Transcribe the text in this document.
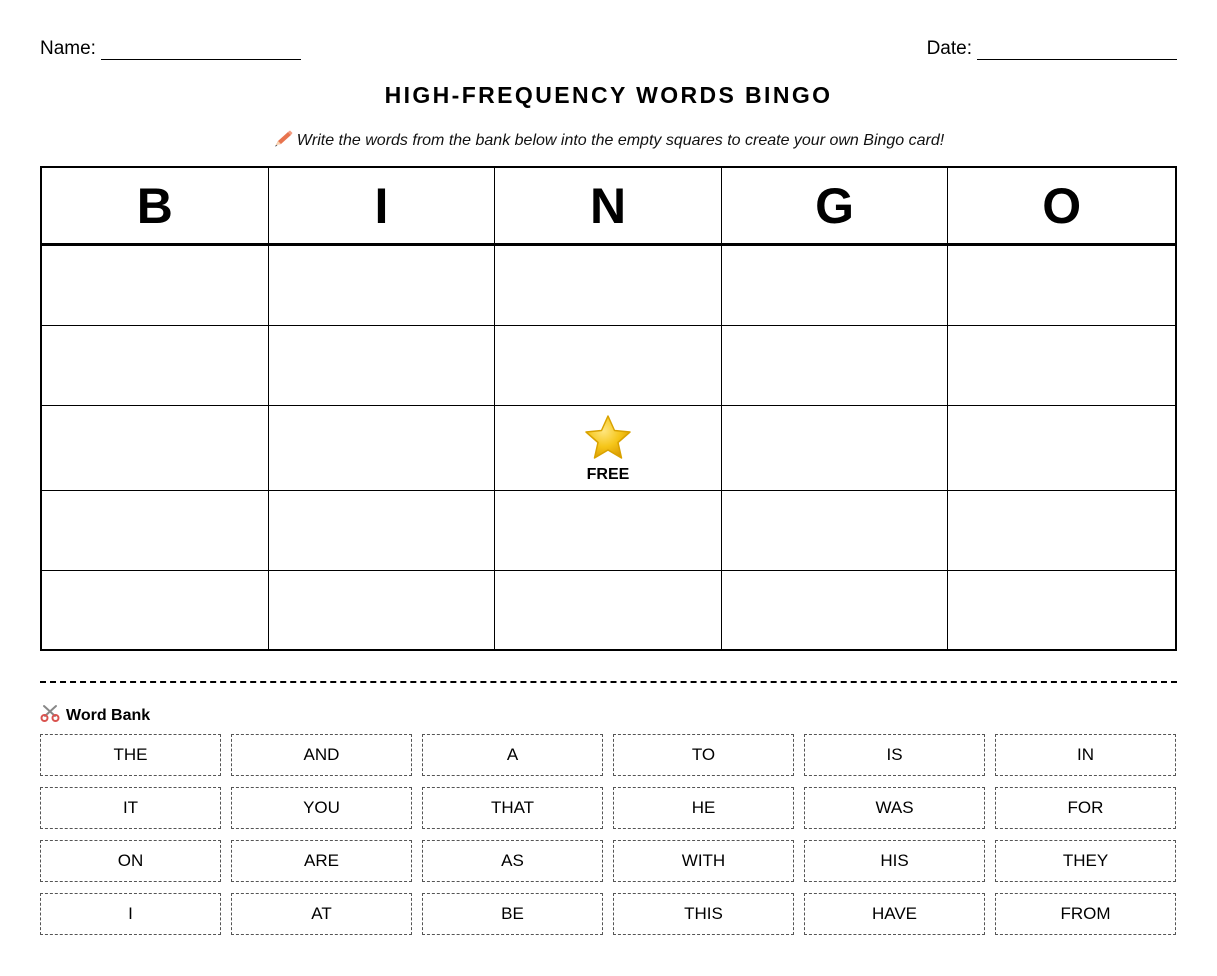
Name:	Date:
HIGH-FREQUENCY WORDS BINGO
Write the words from the bank below into the empty squares to create your own Bingo card!
B	I	N	G	O
FREE
Word Bank
THE	AND	A	TO	IS	IN
IT	YOU	THAT	HE	WAS	FOR
ON	ARE	AS	WITH	HIS	THEY
I	AT	BE	THIS	HAVE	FROM
